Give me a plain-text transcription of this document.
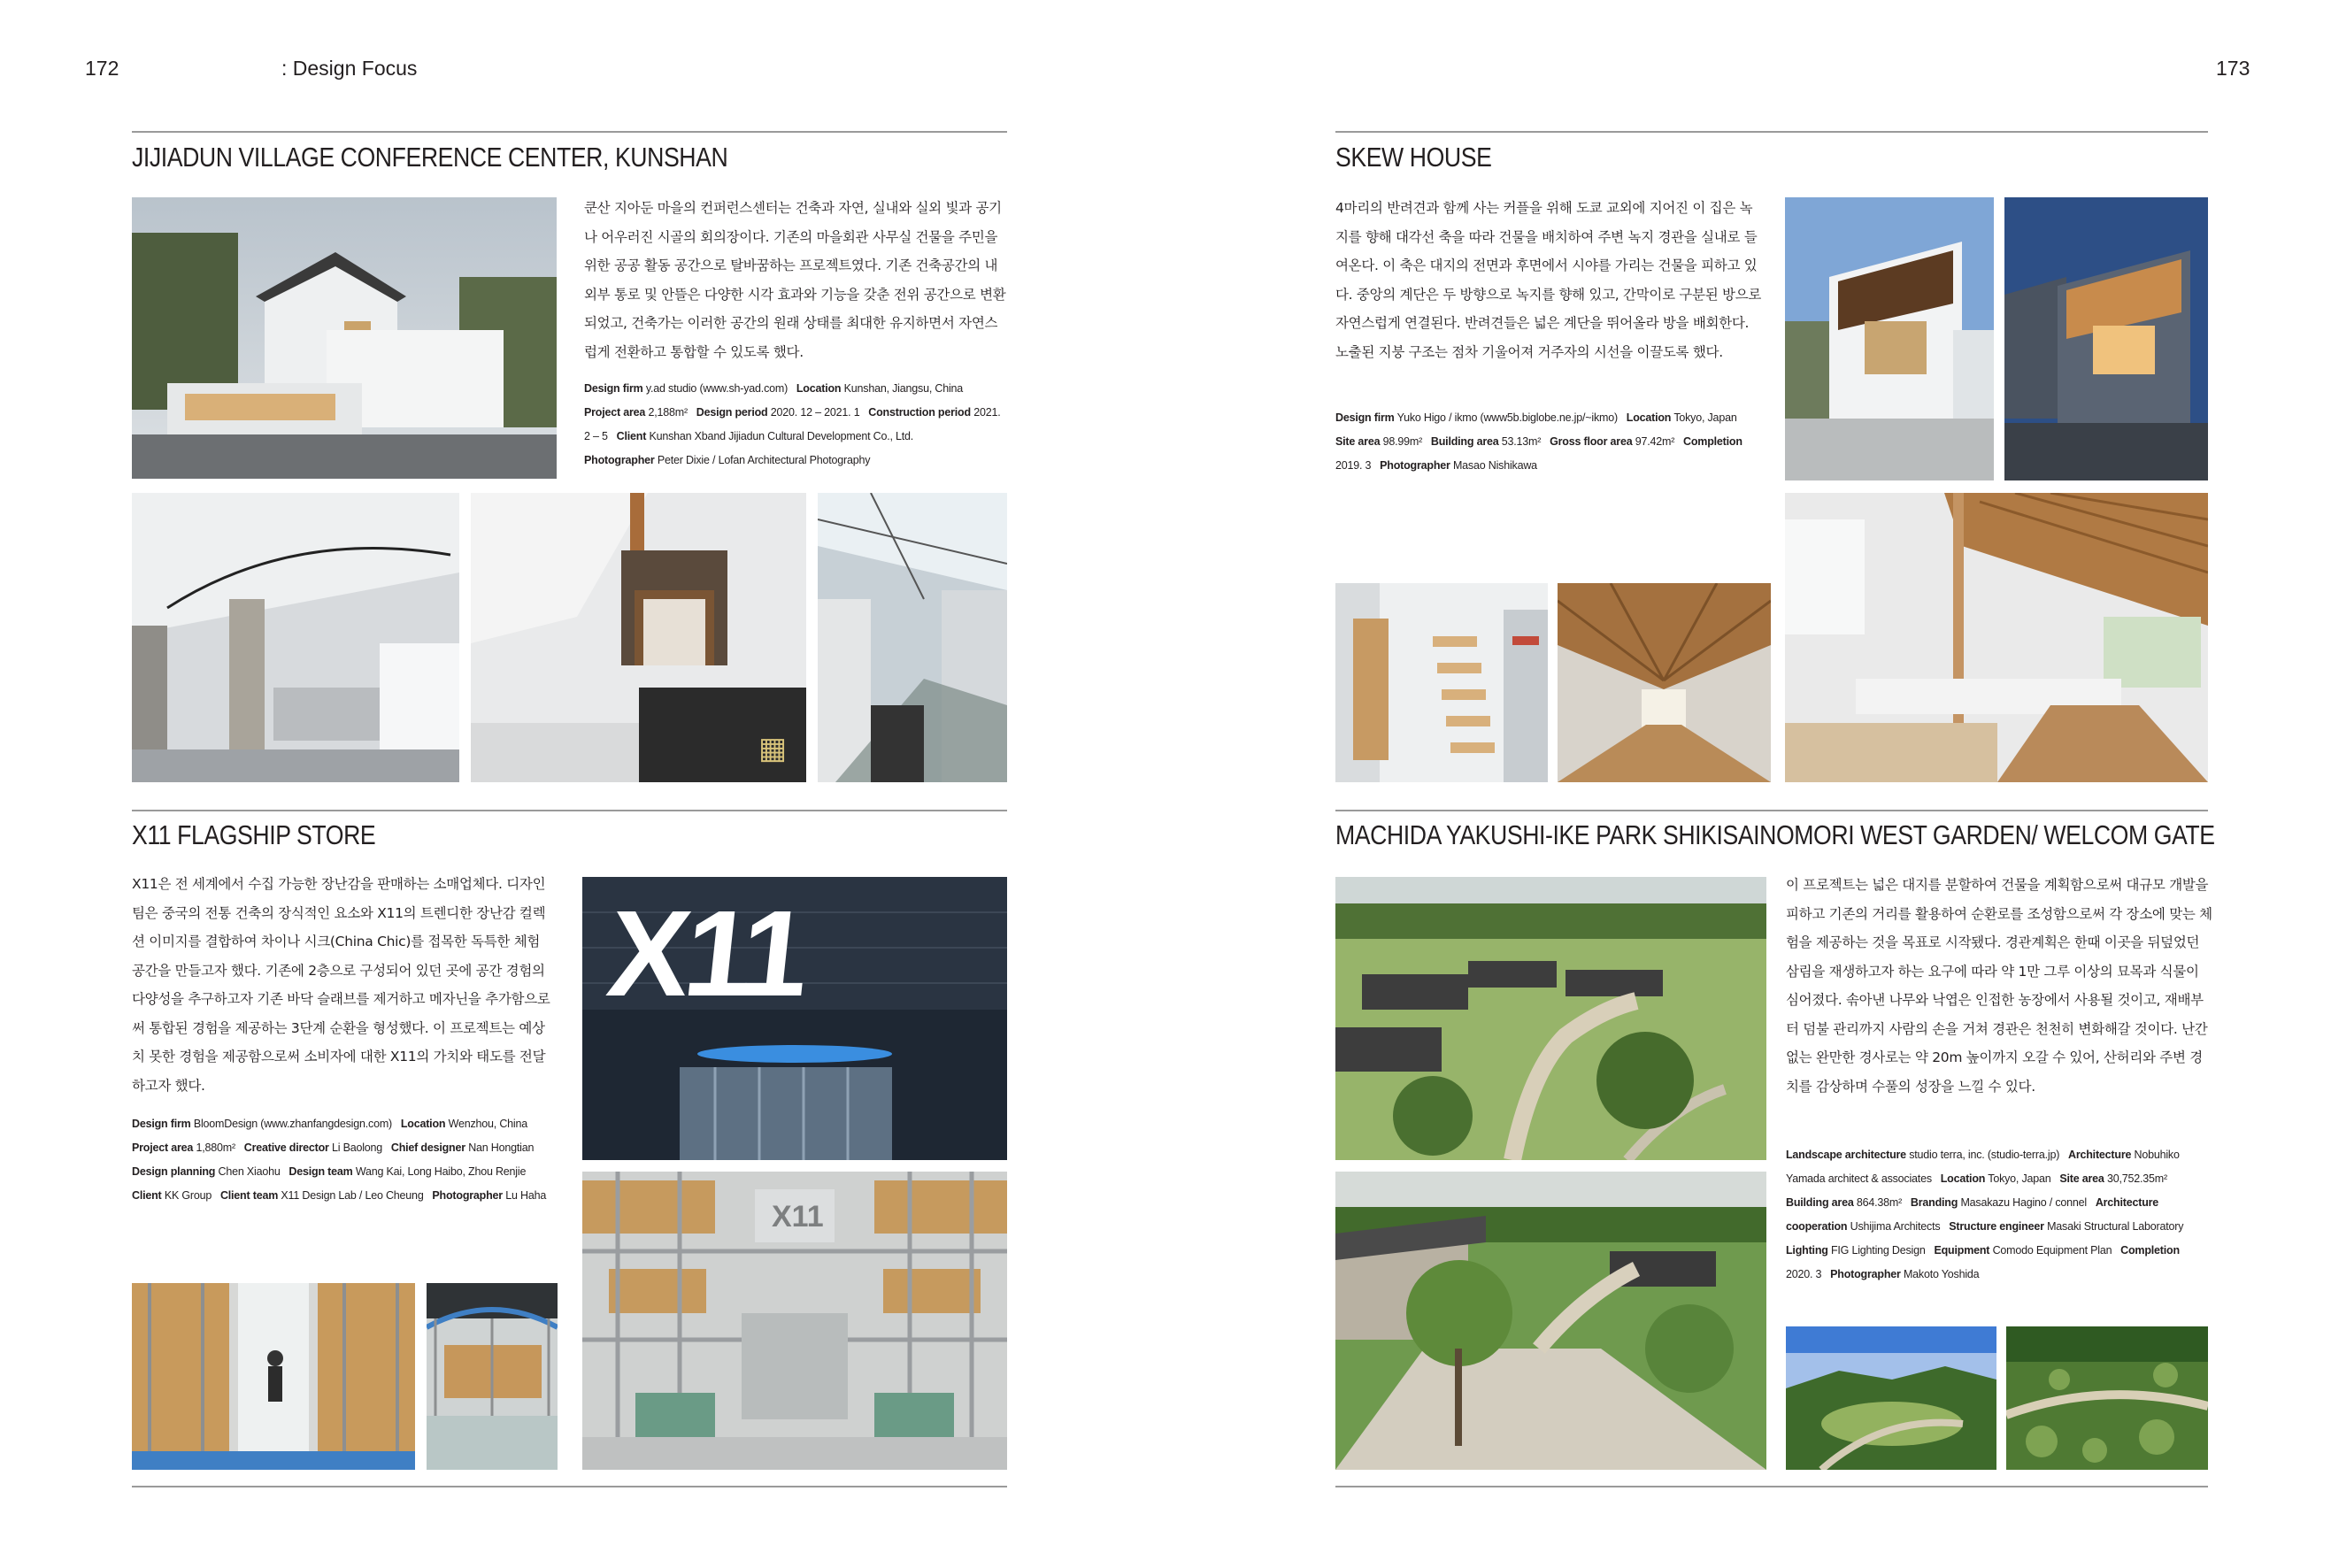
172	: Design Focus	173
JIJIADUN VILLAGE CONFERENCE CENTER, KUNSHAN
쿤산 지아둔 마을의 컨퍼런스센터는 건축과 자연, 실내와 실외 빛과 공기나 어우러진 시골의 회의장이다. 기존의 마을회관 사무실 건물을 주민을 위한 공공 활동 공간으로 탈바꿈하는 프로젝트였다. 기존 건축공간의 내외부 통로 및 안뜰은 다양한 시각 효과와 기능을 갖춘 전위 공간으로 변환되었고, 건축가는 이러한 공간의 원래 상태를 최대한 유지하면서 자연스럽게 전환하고 통합할 수 있도록 했다.
Design firm y.ad studio (www.sh-yad.com) Location Kunshan, Jiangsu, China
Project area 2,188m² Design period 2020. 12 – 2021. 1 Construction period 2021. 2 – 5 Client Kunshan Xband Jijiadun Cultural Development Co., Ltd.
Photographer Peter Dixie / Lofan Architectural Photography
▦
X11 FLAGSHIP STORE
X11은 전 세계에서 수집 가능한 장난감을 판매하는 소매업체다. 디자인팀은 중국의 전통 건축의 장식적인 요소와 X11의 트렌디한 장난감 컬렉션 이미지를 결합하여 차이나 시크(China Chic)를 접목한 독특한 체험 공간을 만들고자 했다. 기존에 2층으로 구성되어 있던 곳에 공간 경험의 다양성을 추구하고자 기존 바닥 슬래브를 제거하고 메자닌을 추가함으로써 통합된 경험을 제공하는 3단계 순환을 형성했다. 이 프로젝트는 예상치 못한 경험을 제공함으로써 소비자에 대한 X11의 가치와 태도를 전달하고자 했다.
Design firm BloomDesign (www.zhanfangdesign.com) Location Wenzhou, China
Project area 1,880m² Creative director Li Baolong Chief designer Nan Hongtian
Design planning Chen Xiaohu Design team Wang Kai, Long Haibo, Zhou Renjie
Client KK Group Client team X11 Design Lab / Leo Cheung Photographer Lu Haha
X11
X11
SKEW HOUSE
4마리의 반려견과 함께 사는 커플을 위해 도쿄 교외에 지어진 이 집은 녹지를 향해 대각선 축을 따라 건물을 배치하여 주변 녹지 경관을 실내로 들여온다. 이 축은 대지의 전면과 후면에서 시야를 가리는 건물을 피하고 있다. 중앙의 계단은 두 방향으로 녹지를 향해 있고, 간막이로 구분된 방으로 자연스럽게 연결된다. 반려견들은 넓은 계단을 뛰어올라 방을 배회한다. 노출된 지붕 구조는 점차 기울어져 거주자의 시선을 이끌도록 했다.
Design firm Yuko Higo / ikmo (www5b.biglobe.ne.jp/~ikmo) Location Tokyo, Japan
Site area 98.99m² Building area 53.13m² Gross floor area 97.42m² Completion
2019. 3 Photographer Masao Nishikawa
MACHIDA YAKUSHI-IKE PARK SHIKISAINOMORI WEST GARDEN/ WELCOM GATE
이 프로젝트는 넓은 대지를 분할하여 건물을 계획함으로써 대규모 개발을 피하고 기존의 거리를 활용하여 순환로를 조성함으로써 각 장소에 맞는 체험을 제공하는 것을 목표로 시작됐다. 경관계획은 한때 이곳을 뒤덮었던 삼림을 재생하고자 하는 요구에 따라 약 1만 그루 이상의 묘목과 식물이 심어졌다. 솎아낸 나무와 낙엽은 인접한 농장에서 사용될 것이고, 재배부터 덤불 관리까지 사람의 손을 거쳐 경관은 천천히 변화해갈 것이다. 난간 없는 완만한 경사로는 약 20m 높이까지 오갈 수 있어, 산허리와 주변 경치를 감상하며 수풀의 성장을 느낄 수 있다.
Landscape architecture studio terra, inc. (studio-terra.jp) Architecture Nobuhiko Yamada architect & associates Location Tokyo, Japan Site area 30,752.35m²
Building area 864.38m² Branding Masakazu Hagino / connel Architecture cooperation Ushijima Architects Structure engineer Masaki Structural Laboratory
Lighting FIG Lighting Design Equipment Comodo Equipment Plan Completion
2020. 3 Photographer Makoto Yoshida
